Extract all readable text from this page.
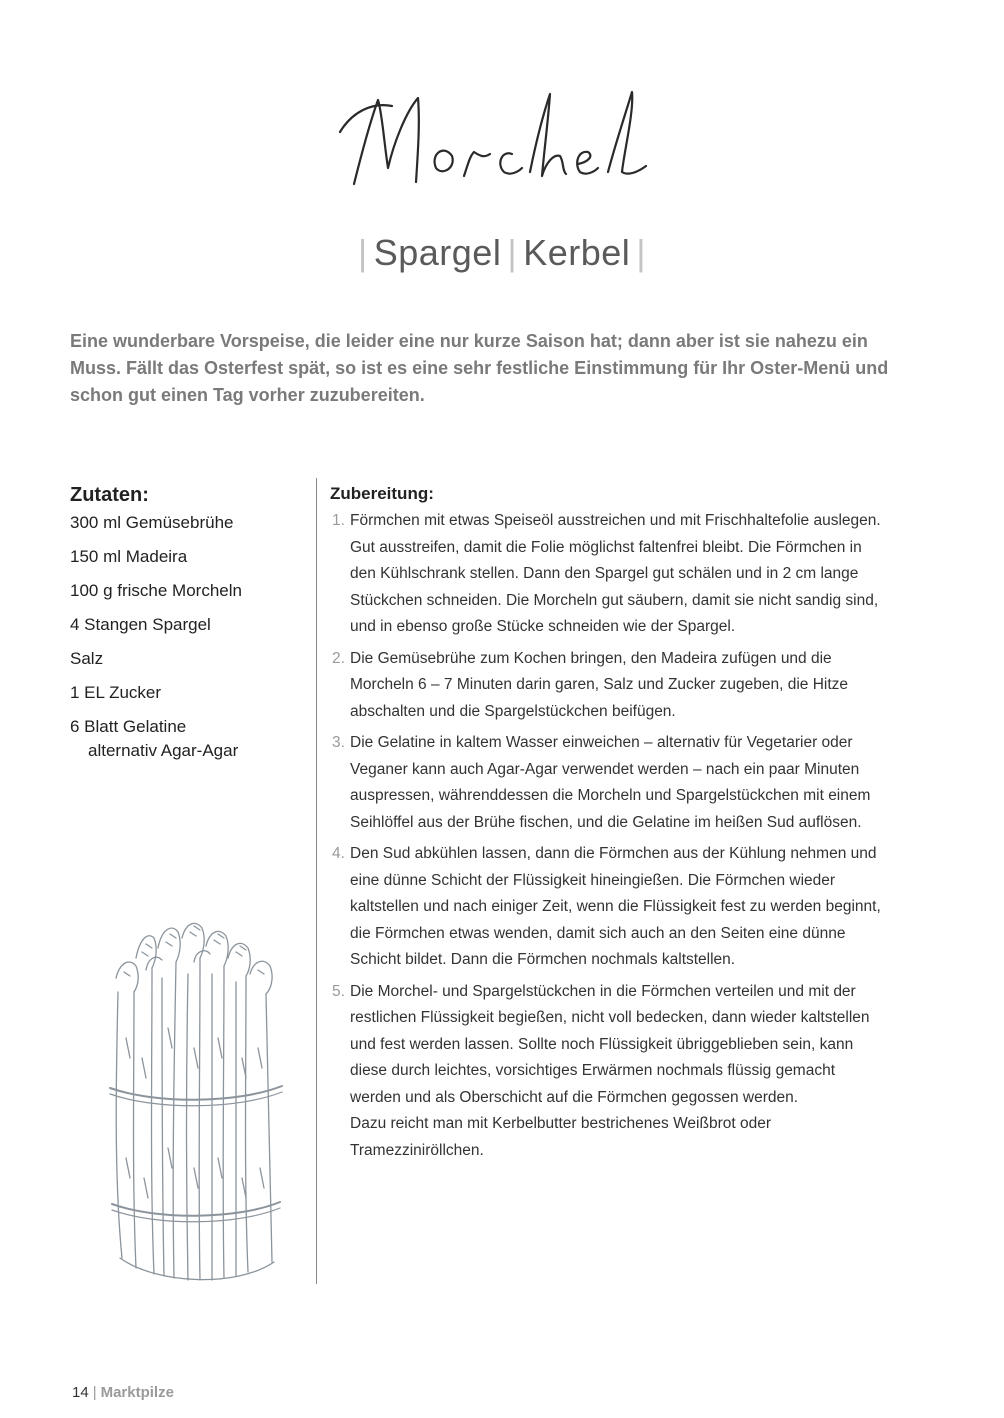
| Spargel | Kerbel |

Eine wunderbare Vorspeise, die leider eine nur kurze Saison hat; dann aber ist sie nahezu ein Muss. Fällt das Osterfest spät, so ist es eine sehr festliche Einstimmung für Ihr Oster-Menü und schon gut einen Tag vorher zuzubereiten.

Zutaten:
300 ml Gemüsebrühe
150 ml Madeira
100 g frische Morcheln
4 Stangen Spargel
Salz
1 EL Zucker
6 Blatt Gelatine
alternativ Agar-Agar
Zubereitung:
1. Förmchen mit etwas Speiseöl ausstreichen und mit Frischhaltefolie auslegen. Gut ausstreifen, damit die Folie möglichst faltenfrei bleibt. Die Förmchen in den Kühlschrank stellen. Dann den Spargel gut schälen und in 2 cm lange Stückchen schneiden. Die Morcheln gut säubern, damit sie nicht sandig sind, und in ebenso große Stücke schneiden wie der Spargel.
2. Die Gemüsebrühe zum Kochen bringen, den Madeira zufügen und die Morcheln 6 – 7 Minuten darin garen, Salz und Zucker zugeben, die Hitze abschalten und die Spargelstückchen beifügen.
3. Die Gelatine in kaltem Wasser einweichen – alternativ für Vegetarier oder Veganer kann auch Agar-Agar verwendet werden – nach ein paar Minuten auspressen, währenddessen die Morcheln und Spargelstückchen mit einem Seihlöffel aus der Brühe fischen, und die Gelatine im heißen Sud auflösen.
4. Den Sud abkühlen lassen, dann die Förmchen aus der Kühlung nehmen und eine dünne Schicht der Flüssigkeit hineingießen. Die Förmchen wieder kaltstellen und nach einiger Zeit, wenn die Flüssigkeit fest zu werden beginnt, die Förmchen etwas wenden, damit sich auch an den Seiten eine dünne Schicht bildet. Dann die Förmchen nochmals kaltstellen.
5. Die Morchel- und Spargelstückchen in die Förmchen verteilen und mit der restlichen Flüssigkeit begießen, nicht voll bedecken, dann wieder kaltstellen und fest werden lassen. Sollte noch Flüssigkeit übriggeblieben sein, kann diese durch leichtes, vorsichtiges Erwärmen nochmals flüssig gemacht werden und als Oberschicht auf die Förmchen gegossen werden.
Dazu reicht man mit Kerbelbutter bestrichenes Weißbrot oder Tramezziniröllchen.
14 | Marktpilze
